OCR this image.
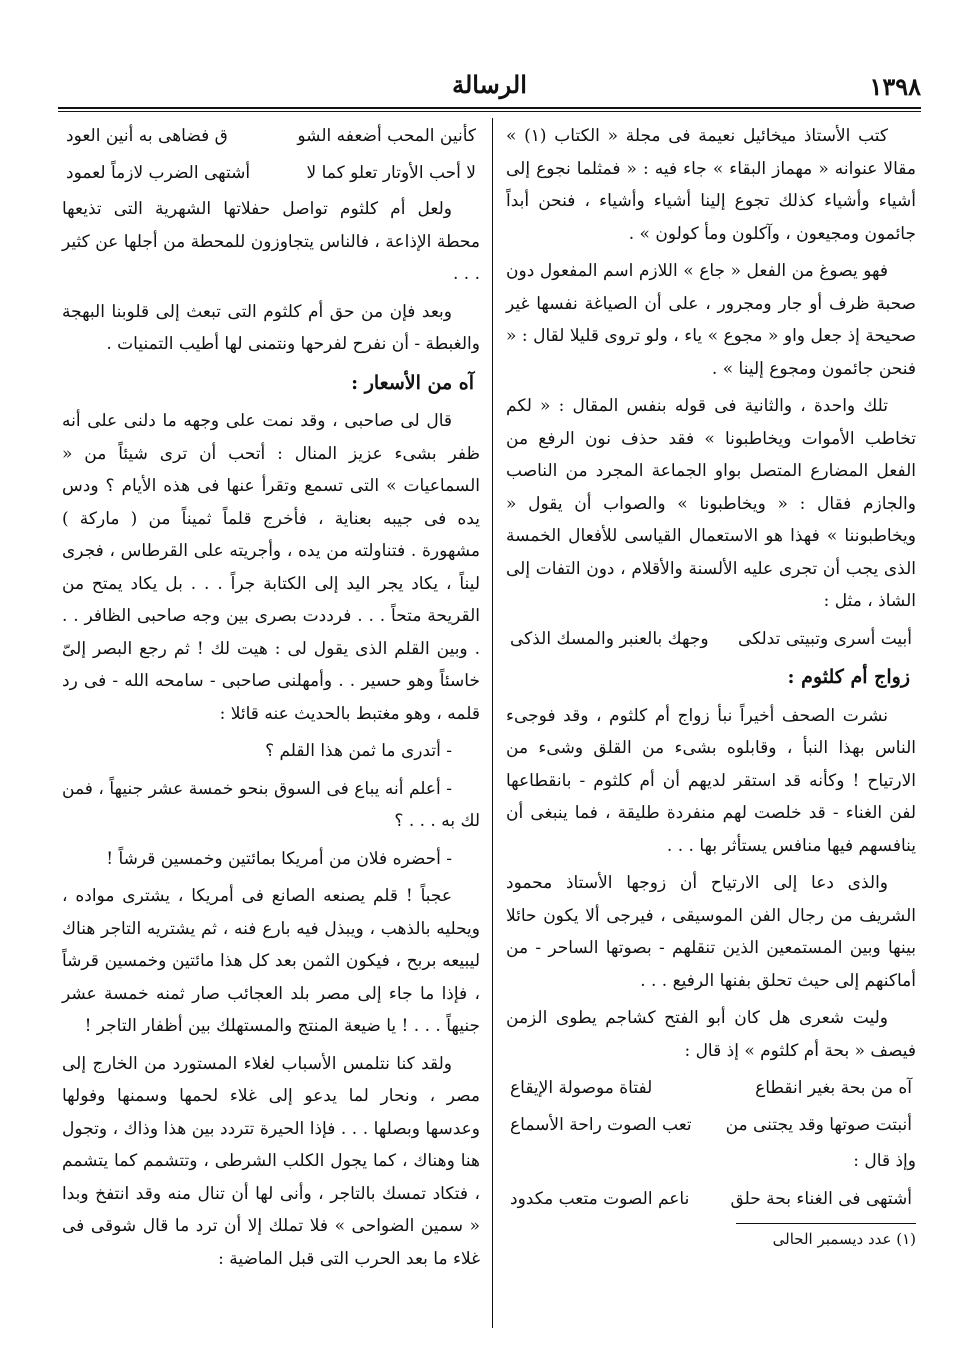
١٣٩٨
الرسالة

كتب الأستاذ ميخائيل نعيمة فى مجلة « الكتاب (١) » مقالا عنوانه « مهماز البقاء » جاء فيه : « فمثلما نجوع إلى أشياء وأشياء كذلك تجوع إلينا أشياء وأشياء ، فنحن أبداً جائمون ومجيعون ، وآكلون ومأ كولون » .

فهو يصوغ من الفعل « جاع » اللازم اسم المفعول دون صحبة ظرف أو جار ومجرور ، على أن الصياغة نفسها غير صحيحة إذ جعل واو « مجوع » ياء ، ولو تروى قليلا لقال : « فنحن جائمون ومجوع إلينا » .

تلك واحدة ، والثانية فى قوله بنفس المقال : « لكم تخاطب الأموات ويخاطبونا » فقد حذف نون الرفع من الفعل المضارع المتصل بواو الجماعة المجرد من الناصب والجازم فقال : « ويخاطبونا » والصواب أن يقول « ويخاطبوننا » فهذا هو الاستعمال القياسى للأفعال الخمسة الذى يجب أن تجرى عليه الألسنة والأقلام ، دون التفات إلى الشاذ ، مثل :

أبيت أسرى وتبيتى تدلكى
وجهك بالعنبر والمسك الذكى
زواج أم كلثوم :

نشرت الصحف أخيراً نبأ زواج أم كلثوم ، وقد فوجىء الناس بهذا النبأ ، وقابلوه بشىء من القلق وشىء من الارتياح ! وكأنه قد استقر لديهم أن أم كلثوم - بانقطاعها لفن الغناء - قد خلصت لهم منفردة طليقة ، فما ينبغى أن ينافسهم فيها منافس يستأثر بها . . .

والذى دعا إلى الارتياح أن زوجها الأستاذ محمود الشريف من رجال الفن الموسيقى ، فيرجى ألا يكون حائلا بينها وبين المستمعين الذين تنقلهم - بصوتها الساحر - من أماكنهم إلى حيث تحلق بفنها الرفيع . . .

وليت شعرى هل كان أبو الفتح كشاجم يطوى الزمن فيصف « بحة أم كلثوم » إذ قال :

آه من بحة بغير انقطاع
لفتاة موصولة الإيقاع
أنبتت صوتها وقد يجتنى من
تعب الصوت راحة الأسماع

وإذ قال :

أشتهى فى الغناء بحة حلق
ناعم الصوت متعب مكدود

(١) عدد ديسمبر الحالى

كأنين المحب أضعفه الشو
ق فضاهى به أنين العود
لا أحب الأوتار تعلو كما لا
أشتهى الضرب لازماً لعمود

ولعل أم كلثوم تواصل حفلاتها الشهرية التى تذيعها محطة الإذاعة ، فالناس يتجاوزون للمحطة من أجلها عن كثير . . .

وبعد فإن من حق أم كلثوم التى تبعث إلى قلوبنا البهجة والغبطة - أن نفرح لفرحها ونتمنى لها أطيب التمنيات .

آه من الأسعار :

قال لى صاحبى ، وقد نمت على وجهه ما دلنى على أنه ظفر بشىء عزيز المنال : أتحب أن ترى شيئاً من « السماعيات » التى تسمع وتقرأ عنها فى هذه الأيام ؟ ودس يده فى جيبه بعناية ، فأخرج قلماً ثميناً من ( ماركة ) مشهورة . فتناولته من يده ، وأجريته على القرطاس ، فجرى ليناً ، يكاد يجر اليد إلى الكتابة جراً . . . بل يكاد يمتح من القريحة متحاً . . . فرددت بصرى بين وجه صاحبى الظافر . . . وبين القلم الذى يقول لى : هيت لك ! ثم رجع البصر إلىّ خاسئاً وهو حسير . . وأمهلنى صاحبى - سامحه الله - فى رد قلمه ، وهو مغتبط بالحديث عنه قائلا :

- أتدرى ما ثمن هذا القلم ؟

- أعلم أنه يباع فى السوق بنحو خمسة عشر جنيهاً ، فمن لك به . . . ؟

- أحضره فلان من أمريكا بمائتين وخمسين قرشاً !

عجباً ! قلم يصنعه الصانع فى أمريكا ، يشترى مواده ، ويحليه بالذهب ، ويبذل فيه بارع فنه ، ثم يشتريه التاجر هناك ليبيعه بربح ، فيكون الثمن بعد كل هذا مائتين وخمسين قرشاً ، فإذا ما جاء إلى مصر بلد العجائب صار ثمنه خمسة عشر جنيهاً . . . ! يا ضيعة المنتج والمستهلك بين أظفار التاجر !

ولقد كنا نتلمس الأسباب لغلاء المستورد من الخارج إلى مصر ، ونحار لما يدعو إلى غلاء لحمها وسمنها وفولها وعدسها وبصلها . . . فإذا الحيرة تتردد بين هذا وذاك ، وتجول هنا وهناك ، كما يجول الكلب الشرطى ، وتتشمم كما يتشمم ، فتكاد تمسك بالتاجر ، وأنى لها أن تنال منه وقد انتفخ وبدا « سمين الضواحى » فلا تملك إلا أن ترد ما قال شوقى فى غلاء ما بعد الحرب التى قبل الماضية :
